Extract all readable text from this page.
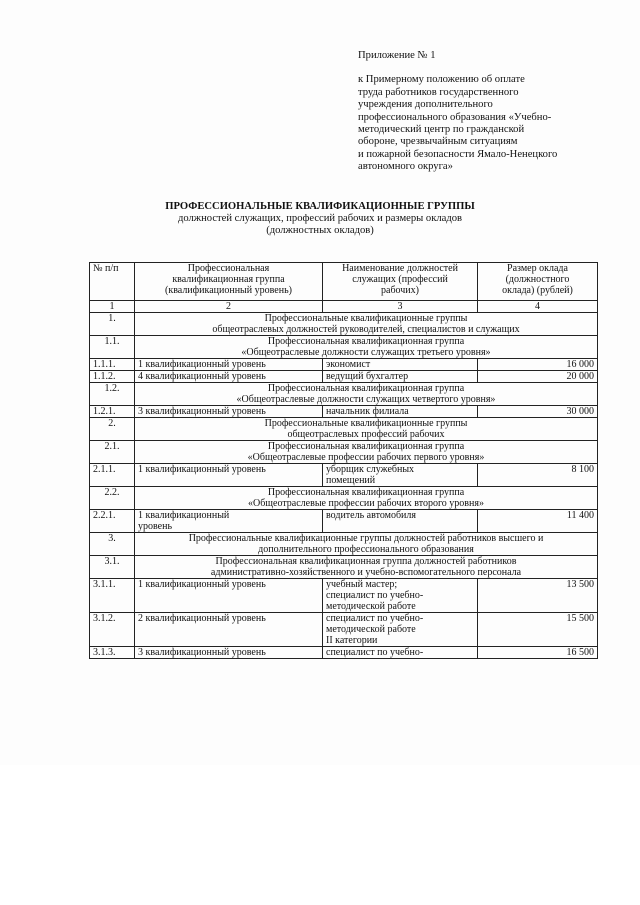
Приложение № 1
к Примерному положению об оплате
труда работников государственного
учреждения дополнительного
профессионального образования «Учебно-
методический центр по гражданской
обороне, чрезвычайным ситуациям
и пожарной безопасности Ямало-Ненецкого
автономного округа»
ПРОФЕССИОНАЛЬНЫЕ КВАЛИФИКАЦИОННЫЕ ГРУППЫ
должностей служащих, профессий рабочих и размеры окладов
(должностных окладов)
№ п/п	Профессиональная
квалификационная группа
(квалификационный уровень)	Наименование должностей
служащих (профессий
рабочих)	Размер оклада
(должностного
оклада) (рублей)

1	2	3	4
1.	Профессиональные квалификационные группы
общеотраслевых должностей руководителей, специалистов и служащих		

1.1.	Профессиональная квалификационная группа
«Общеотраслевые должности служащих третьего уровня»		

1.1.1.	1 квалификационный уровень	экономист	16 000
1.1.2.	4 квалификационный уровень	ведущий бухгалтер	20 000
1.2.	Профессиональная квалификационная группа
«Общеотраслевые должности служащих четвертого уровня»		

1.2.1.	3 квалификационный уровень	начальник филиала	30 000
2.	Профессиональные квалификационные группы
общеотраслевых профессий рабочих		

2.1.	Профессиональная квалификационная группа
«Общеотраслевые профессии рабочих первого уровня»		

2.1.1.	1 квалификационный уровень	уборщик служебных
помещений	8 100
2.2.	Профессиональная квалификационная группа
«Общеотраслевые профессии рабочих второго уровня»		

2.2.1.	1 квалификационный
уровень	водитель автомобиля	11 400
3.	Профессиональные квалификационные группы должностей работников высшего и
дополнительного профессионального образования		

3.1.	Профессиональная квалификационная группа должностей работников
административно-хозяйственного и учебно-вспомогательного персонала		

3.1.1.	1 квалификационный уровень	учебный мастер;
специалист по учебно-
методической работе	13 500
3.1.2.	2 квалификационный уровень	специалист по учебно-
методической работе
II категории	15 500
3.1.3.	3 квалификационный уровень	специалист по учебно-	16 500
